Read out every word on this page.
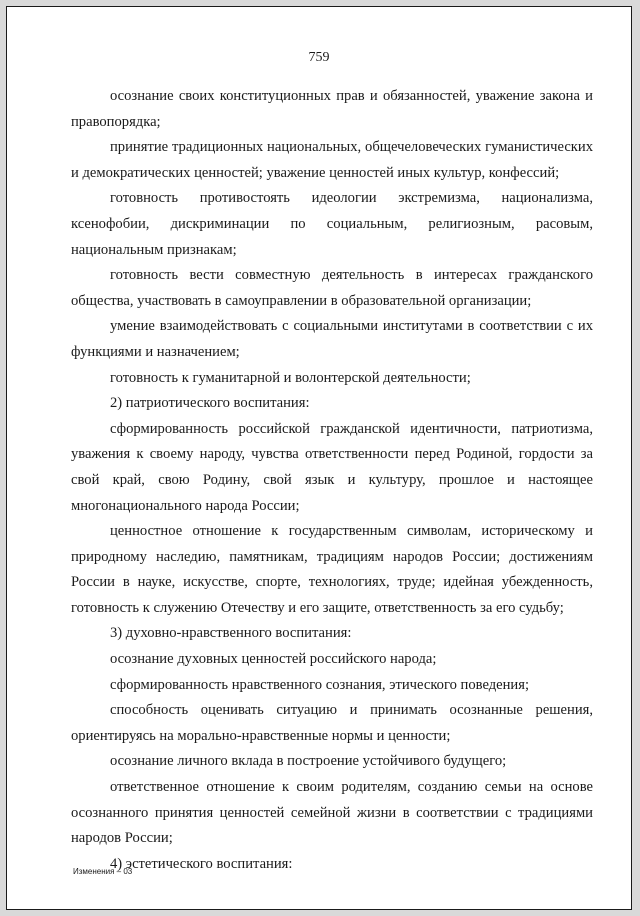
759

осознание своих конституционных прав и обязанностей, уважение закона и правопорядка;

принятие традиционных национальных, общечеловеческих гуманистических и демократических ценностей; уважение ценностей иных культур, конфессий;

готовность противостоять идеологии экстремизма, национализма, ксенофобии, дискриминации по социальным, религиозным, расовым, национальным признакам;

готовность вести совместную деятельность в интересах гражданского общества, участвовать в самоуправлении в образовательной организации;

умение взаимодействовать с социальными институтами в соответствии с их функциями и назначением;

готовность к гуманитарной и волонтерской деятельности;

2) патриотического воспитания:

сформированность российской гражданской идентичности, патриотизма, уважения к своему народу, чувства ответственности перед Родиной, гордости за свой край, свою Родину, свой язык и культуру, прошлое и настоящее многонационального народа России;

ценностное отношение к государственным символам, историческому и природному наследию, памятникам, традициям народов России; достижениям России в науке, искусстве, спорте, технологиях, труде; идейная убежденность, готовность к служению Отечеству и его защите, ответственность за его судьбу;

3) духовно-нравственного воспитания:

осознание духовных ценностей российского народа;

сформированность нравственного сознания, этического поведения;

способность оценивать ситуацию и принимать осознанные решения, ориентируясь на морально-нравственные нормы и ценности;

осознание личного вклада в построение устойчивого будущего;

ответственное отношение к своим родителям, созданию семьи на основе осознанного принятия ценностей семейной жизни в соответствии с традициями народов России;

4) эстетического воспитания:

Изменения – 03
